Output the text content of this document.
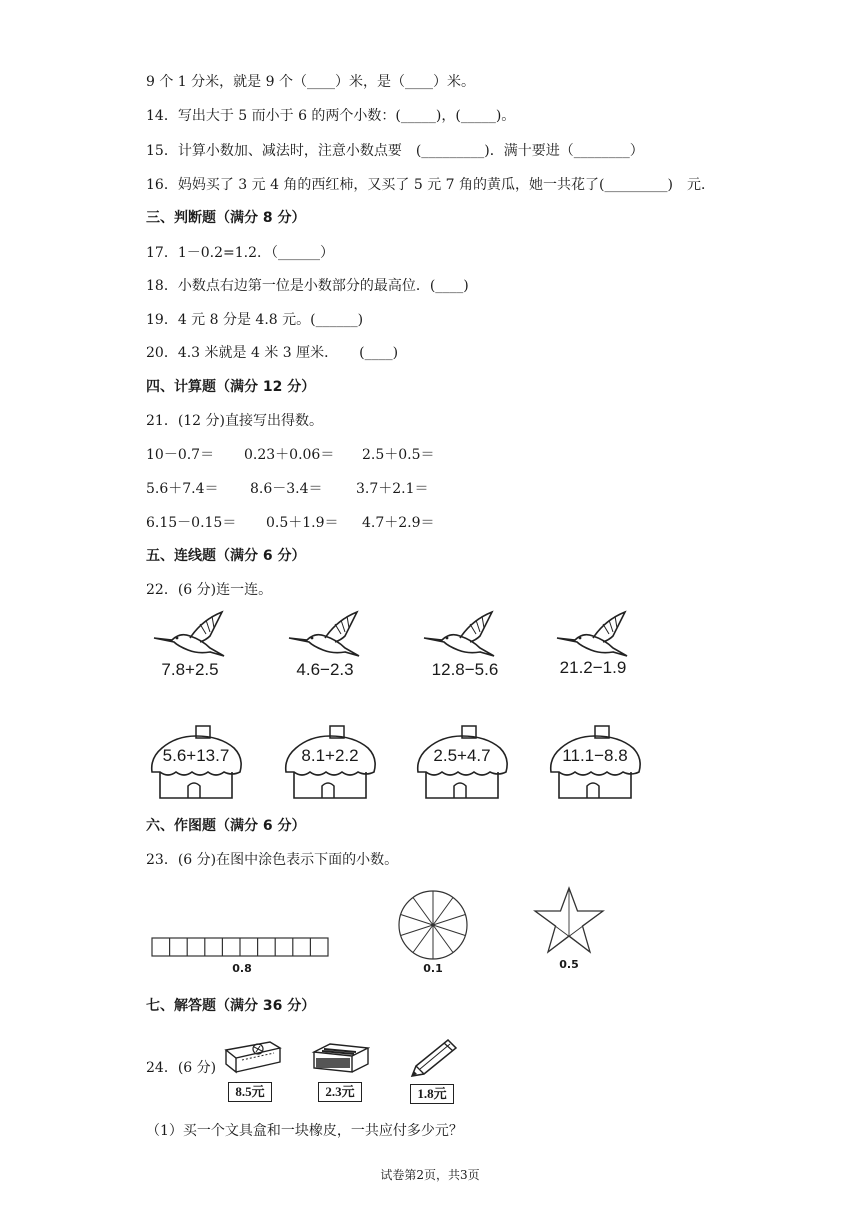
9 个 1 分米，就是 9 个（____）米，是（____）米。
14．写出大于 5 而小于 6 的两个小数：(_____)，(_____)。
15．计算小数加、减法时，注意小数点要　(_________)．满十要进（________）
16．妈妈买了 3 元 4 角的西红柿，又买了 5 元 7 角的黄瓜，她一共花了(_________)　元．
三、判断题（满分 8 分）
17．1－0.2=1.2．（______）
18．小数点右边第一位是小数部分的最高位．(____)
19．4 元 8 分是 4.8 元。(______)
20．4.3 米就是 4 米 3 厘米．　　(____)
四、计算题（满分 12 分）
21．(12 分)直接写出得数。
10－0.7＝ 0.23＋0.06＝ 2.5＋0.5＝
5.6＋7.4＝ 8.6－3.4＝ 3.7＋2.1＝
6.15－0.15＝ 0.5＋1.9＝ 4.7＋2.9＝
五、连线题（满分 6 分）
22．(6 分)连一连。
7.8+2.5	4.6−2.3	12.8−5.6	21.2−1.9
5.6+13.7	8.1+2.2	2.5+4.7	11.1−8.8
六、作图题（满分 6 分）
23．(6 分)在图中涂色表示下面的小数。
0.8	0.1	0.5
七、解答题（满分 36 分）
24．(6 分)
8.5元	2.3元	1.8元
（1）买一个文具盒和一块橡皮，一共应付多少元？
试卷第2页，共3页
